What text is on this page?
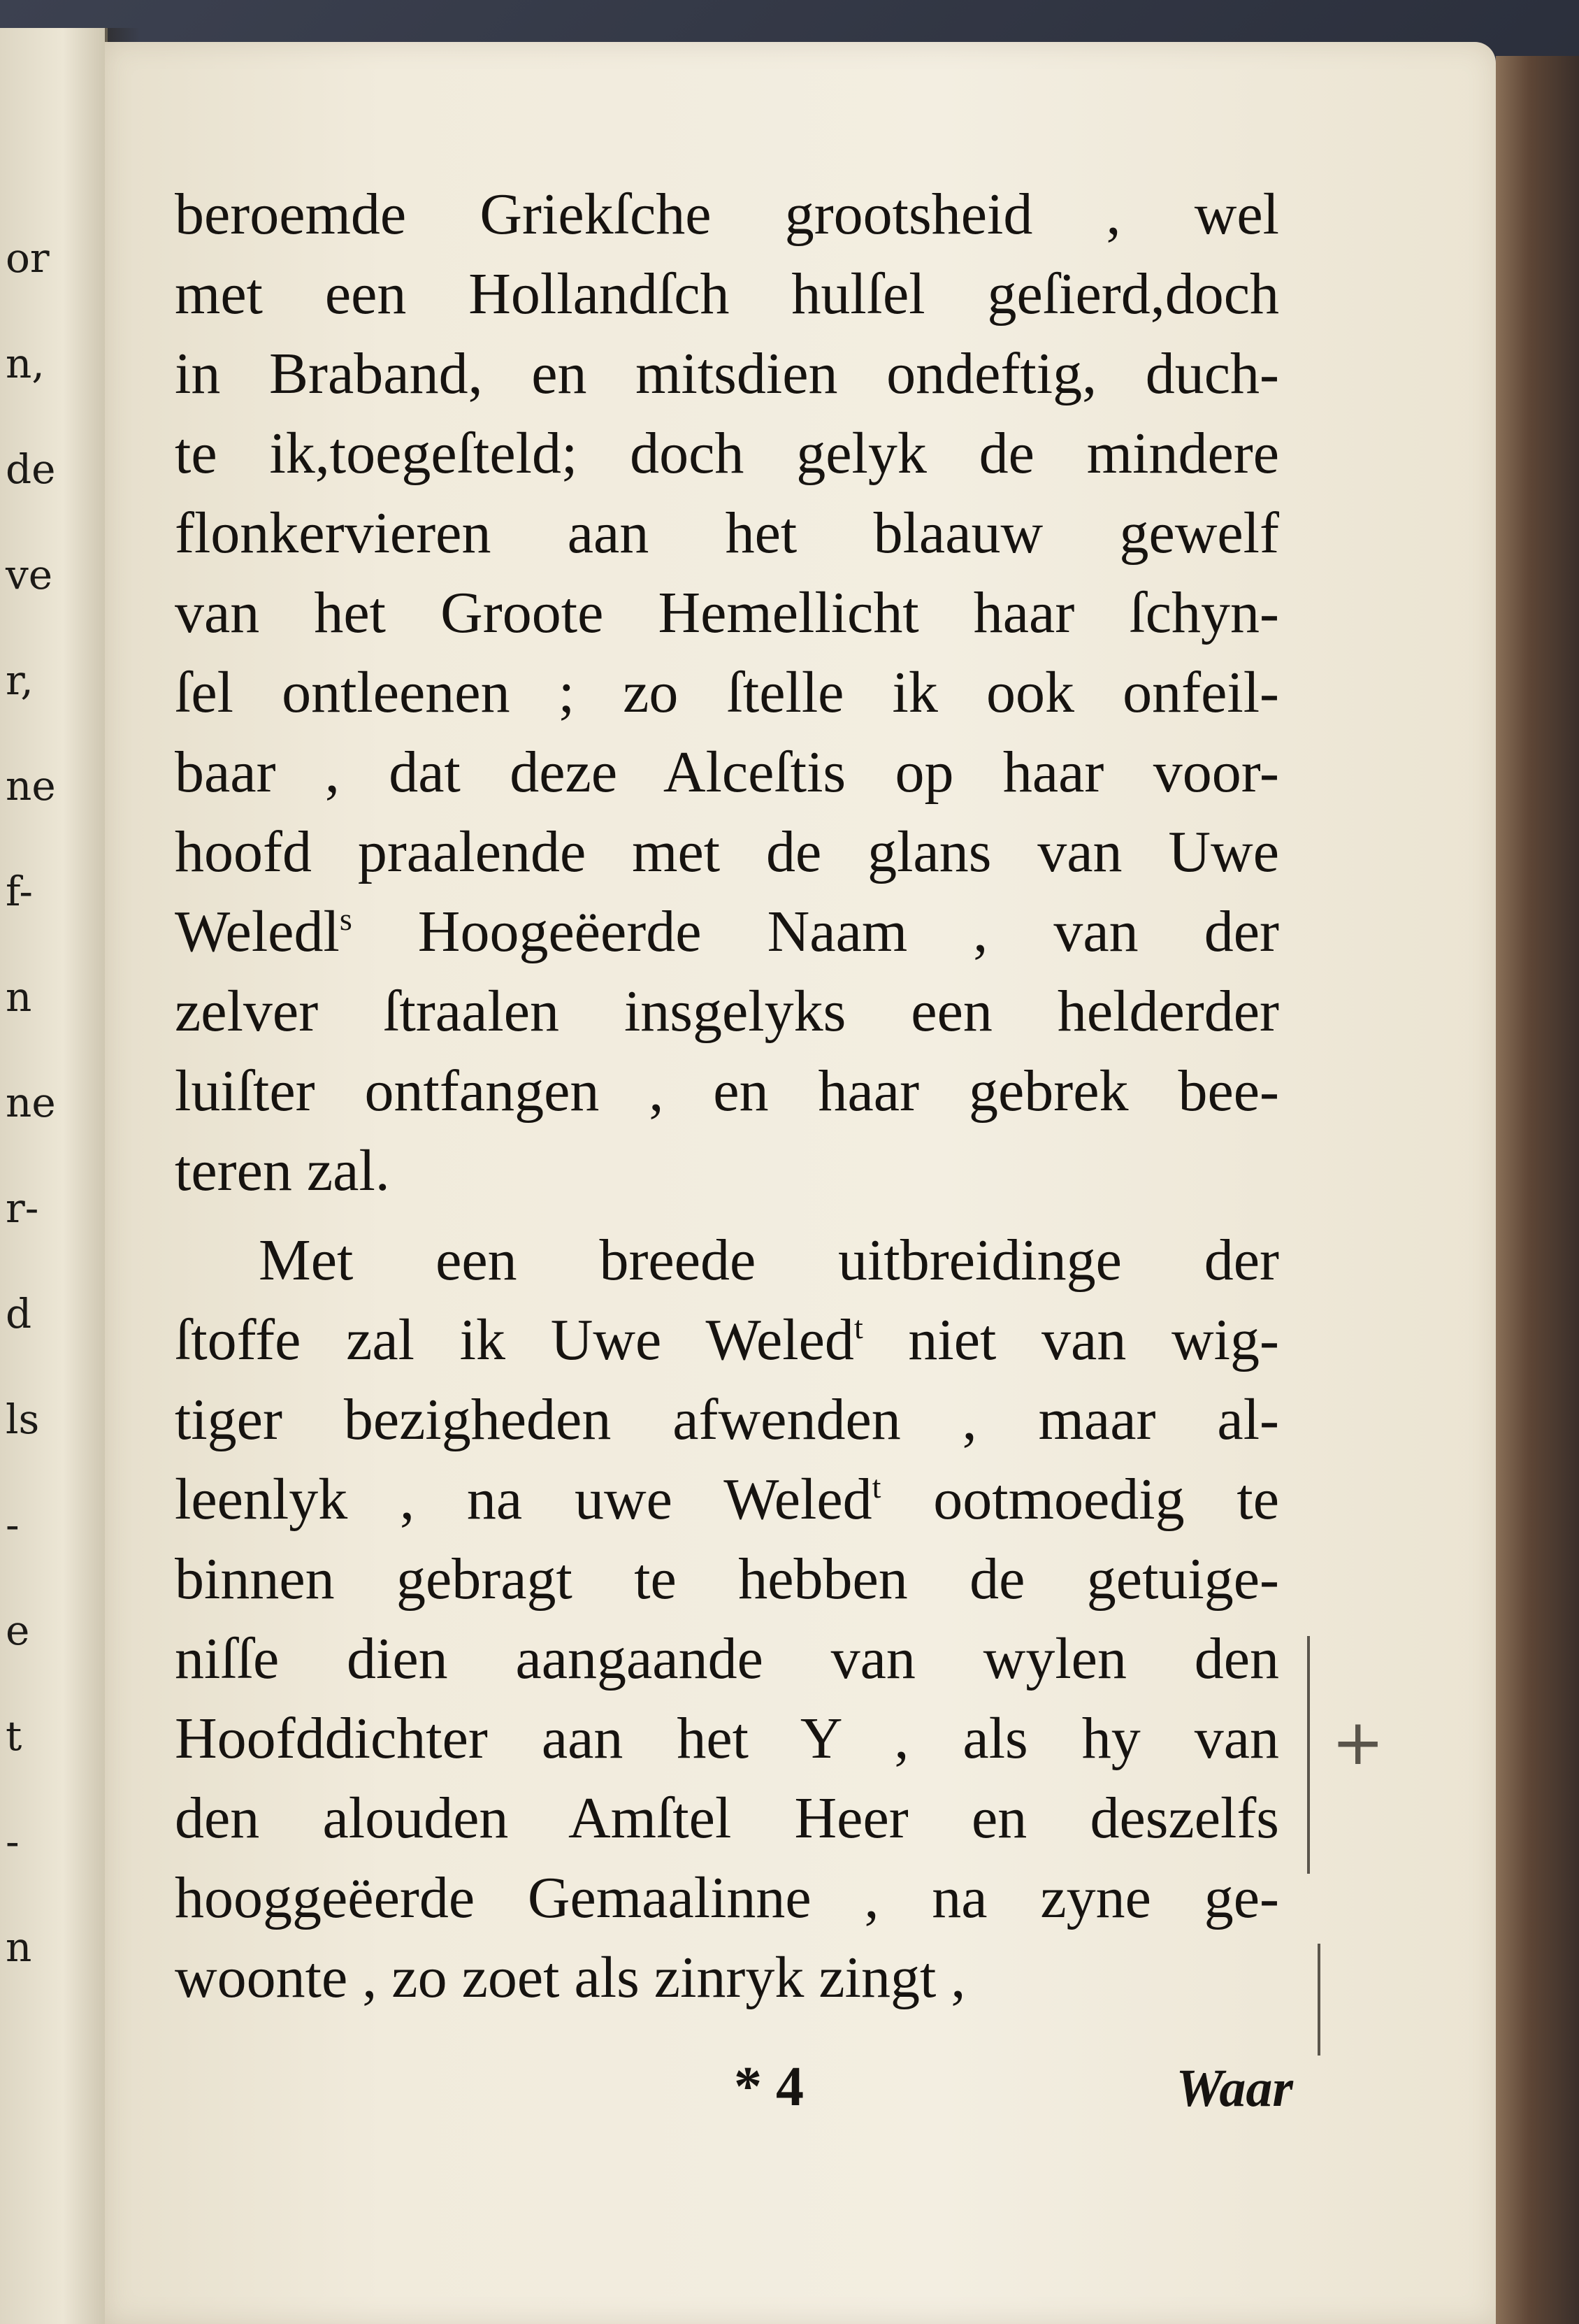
or
n,
de
ve
r,
ne
f-
n
ne
r-
d
ls
-
e
t
-
n
beroemde Griekſche grootsheid , wel
met een Hollandſch hulſel geſierd,doch
in Braband, en mitsdien ondeftig, duch-
te ik,toegeſteld; doch gelyk de mindere
flonkervieren aan het blaauw gewelf
van het Groote Hemellicht haar ſchyn-
ſel ontleenen ; zo ſtelle ik ook onfeil-
baar , dat deze Alceſtis op haar voor-
hoofd praalende met de glans van Uwe
Weledl$^s$ Hoogeëerde Naam , van der
zelver ſtraalen insgelyks een helderder
luiſter ontfangen , en haar gebrek bee-
teren zal.
Met een breede uitbreidinge der
ſtoffe zal ik Uwe Weled$^t$ niet van wig-
tiger bezigheden afwenden , maar al-
leenlyk , na uwe Weled$^t$ ootmoedig te
binnen gebragt te hebben de getuige-
niſſe dien aangaande van wylen den
Hoofddichter aan het Y , als hy van
den alouden Amſtel Heer en deszelfs
hooggeëerde Gemaalinne , na zyne ge-
woonte , zo zoet als zinryk zingt ,
+
* 4	Waar
